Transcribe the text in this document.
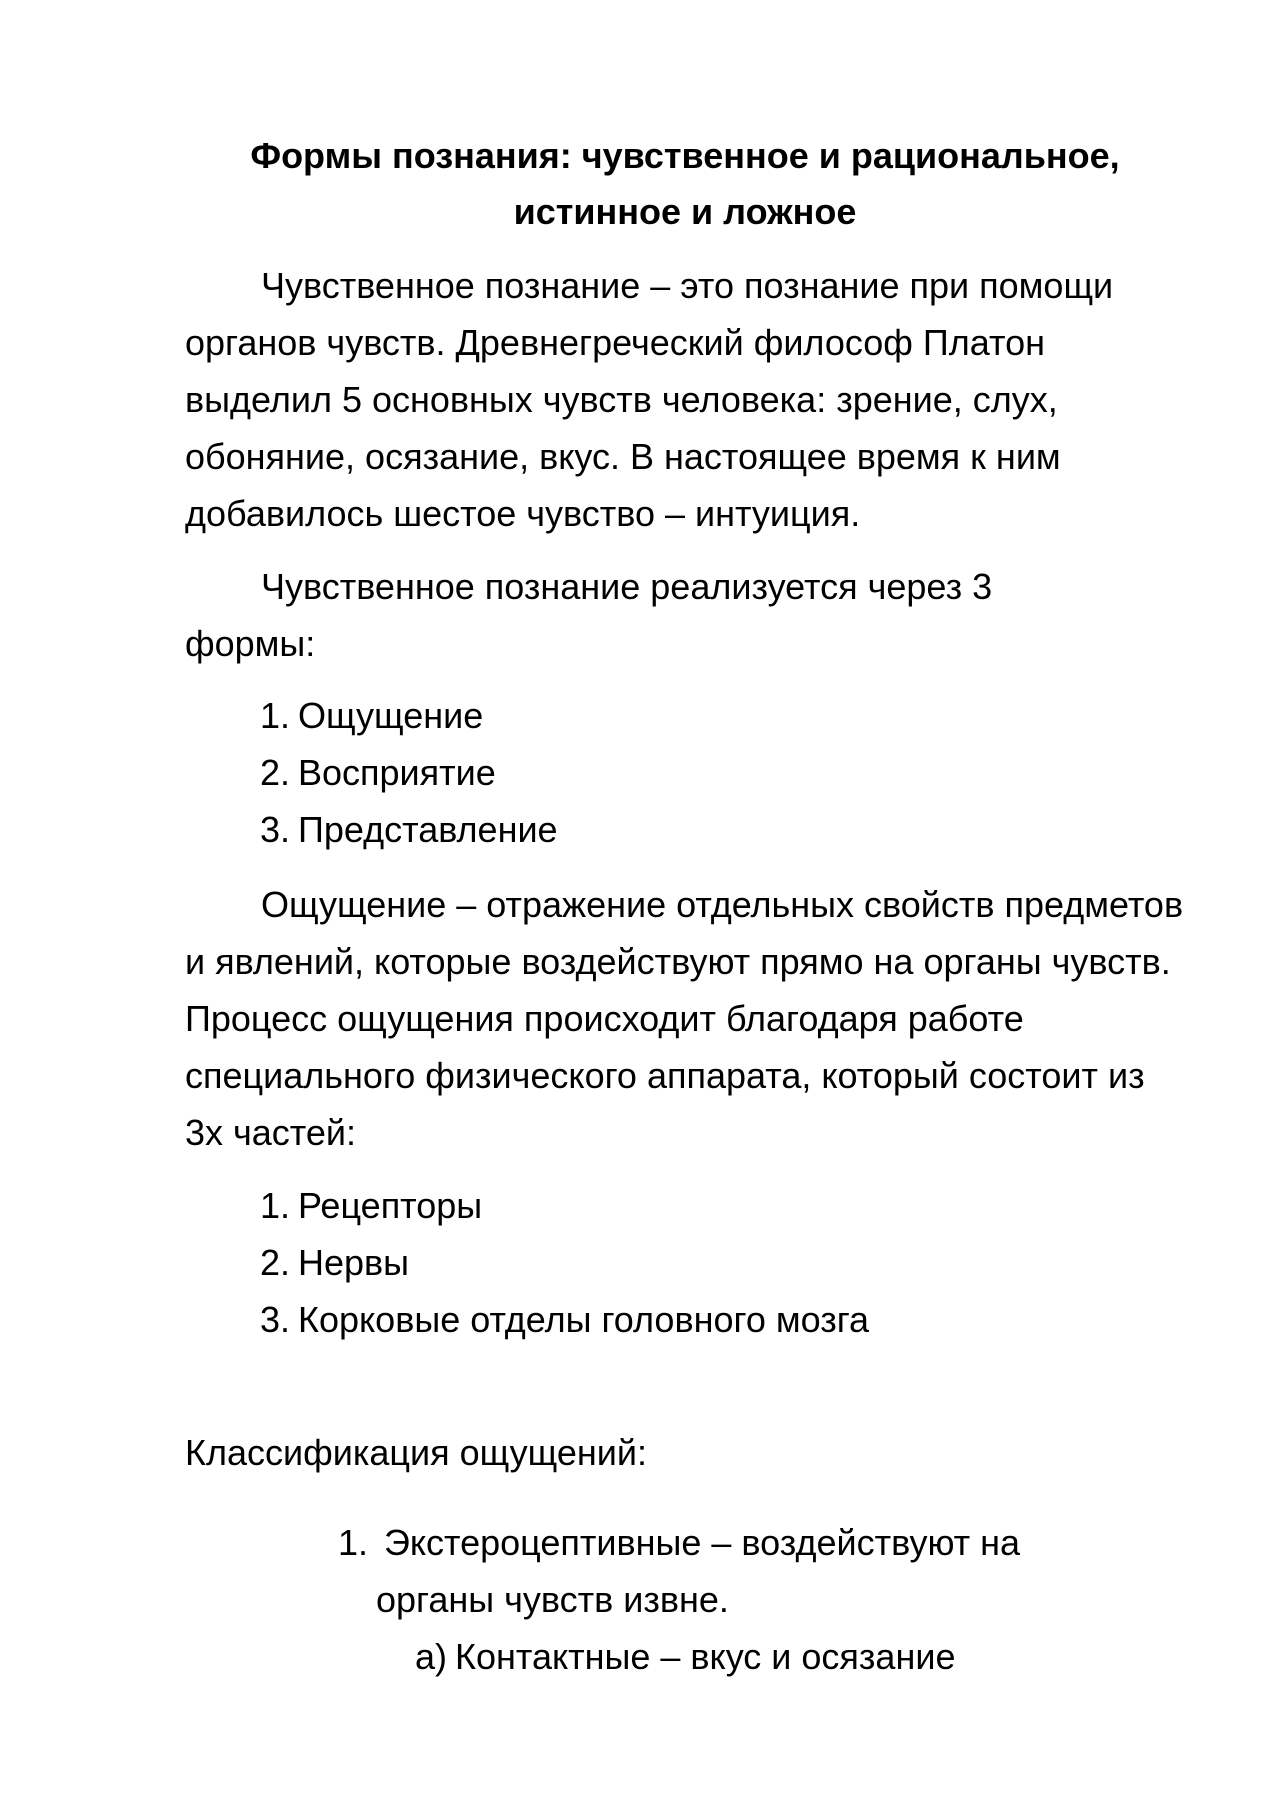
Формы познания: чувственное и рациональное,
истинное и ложное

Чувственное познание – это познание при помощи органов чувств. Древнегреческий философ Платон выделил 5 основных чувств человека: зрение, слух, обоняние, осязание, вкус. В настоящее время к ним добавилось шестое чувство – интуиция.

Чувственное познание реализуется через 3 формы:

1. Ощущение
2. Восприятие
3. Представление

Ощущение – отражение отдельных свойств предметов и явлений, которые воздействуют прямо на органы чувств. Процесс ощущения происходит благодаря работе специального физического аппарата, который состоит из 3х частей:

1. Рецепторы
2. Нервы
3. Корковые отделы головного мозга

Классификация ощущений:

1. Экстероцептивные – воздействуют на
органы чувств извне.
а) Контактные – вкус и осязание
